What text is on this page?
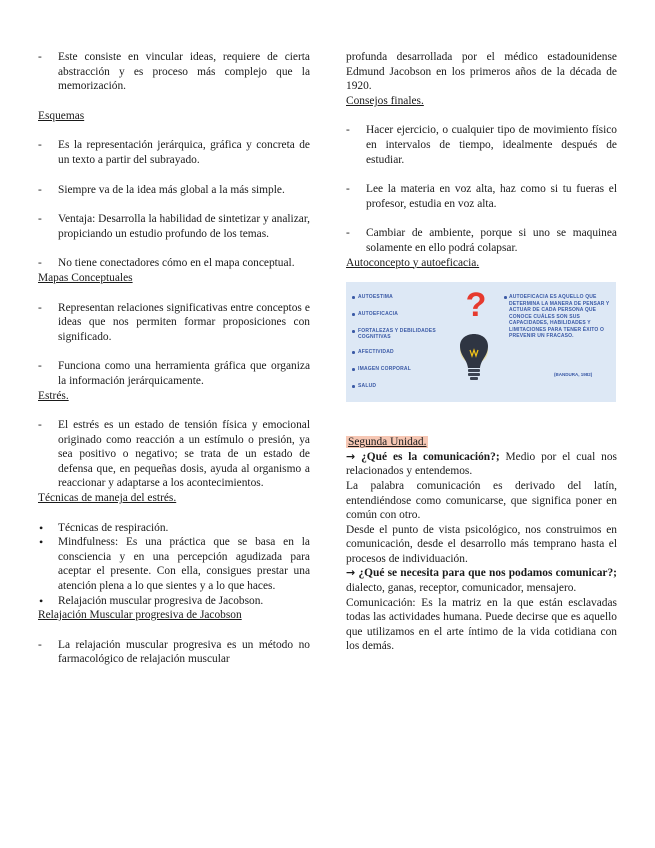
- Este consiste en vincular ideas, requiere de cierta abstracción y es proceso más complejo que la memorización.

Esquemas

- Es la representación jerárquica, gráfica y concreta de un texto a partir del subrayado.

- Siempre va de la idea más global a la más simple.

- Ventaja: Desarrolla la habilidad de sintetizar y analizar, propiciando un estudio profundo de los temas.

- No tiene conectadores cómo en el mapa conceptual.

Mapas Conceptuales

- Representan relaciones significativas entre conceptos e ideas que nos permiten formar proposiciones con significado.

- Funciona como una herramienta gráfica que organiza la información jerárquicamente.

Estrés.

- El estrés es un estado de tensión física y emocional originado como reacción a un estímulo o presión, ya sea positivo o negativo; se trata de un estado de defensa que, en pequeñas dosis, ayuda al organismo a reaccionar y adaptarse a los acontecimientos.

Técnicas de maneja del estrés.

• Técnicas de respiración.

• Mindfulness: Es una práctica que se basa en la consciencia y en una percepción agudizada para aceptar el presente. Con ella, consigues prestar una atención plena a lo que sientes y a lo que haces.

• Relajación muscular progresiva de Jacobson.

Relajación Muscular progresiva de Jacobson

- La relajación muscular progresiva es un método no farmacológico de relajación muscular

profunda desarrollada por el médico estadounidense Edmund Jacobson en los primeros años de la década de 1920.

Consejos finales.

- Hacer ejercicio, o cualquier tipo de movimiento físico en intervalos de tiempo, idealmente después de estudiar.

- Lee la materia en voz alta, haz como si tu fueras el profesor, estudia en voz alta.

- Cambiar de ambiente, porque si uno se maquinea solamente en ello podrá colapsar.

Autoconcepto y autoeficacia.

AUTOESTIMA
AUTOEFICACIA
FORTALEZAS Y DEBILIDADES COGNITIVAS
AFECTIVIDAD
IMAGEN CORPORAL
SALUD
?	AUTOEFICACIA ES AQUELLO QUE DETERMINA LA MANERA DE PENSAR Y ACTUAR DE CADA PERSONA QUE CONOCE CUÁLES SON SUS CAPACIDADES, HABILIDADES Y LIMITACIONES PARA TENER ÉXITO O PREVENIR UN FRACASO.
(BANDURA, 1982)

Segunda Unidad.

→ ¿Qué es la comunicación?; Medio por el cual nos relacionados y entendemos.

La palabra comunicación es derivado del latín, entendiéndose como comunicarse, que significa poner en común con otro.

Desde el punto de vista psicológico, nos construimos en comunicación, desde el desarrollo más temprano hasta el procesos de individuación.

→ ¿Qué se necesita para que nos podamos comunicar?; dialecto, ganas, receptor, comunicador, mensajero.

Comunicación: Es la matriz en la que están esclavadas todas las actividades humana. Puede decirse que es aquello que utilizamos en el arte íntimo de la vida cotidiana con los demás.
